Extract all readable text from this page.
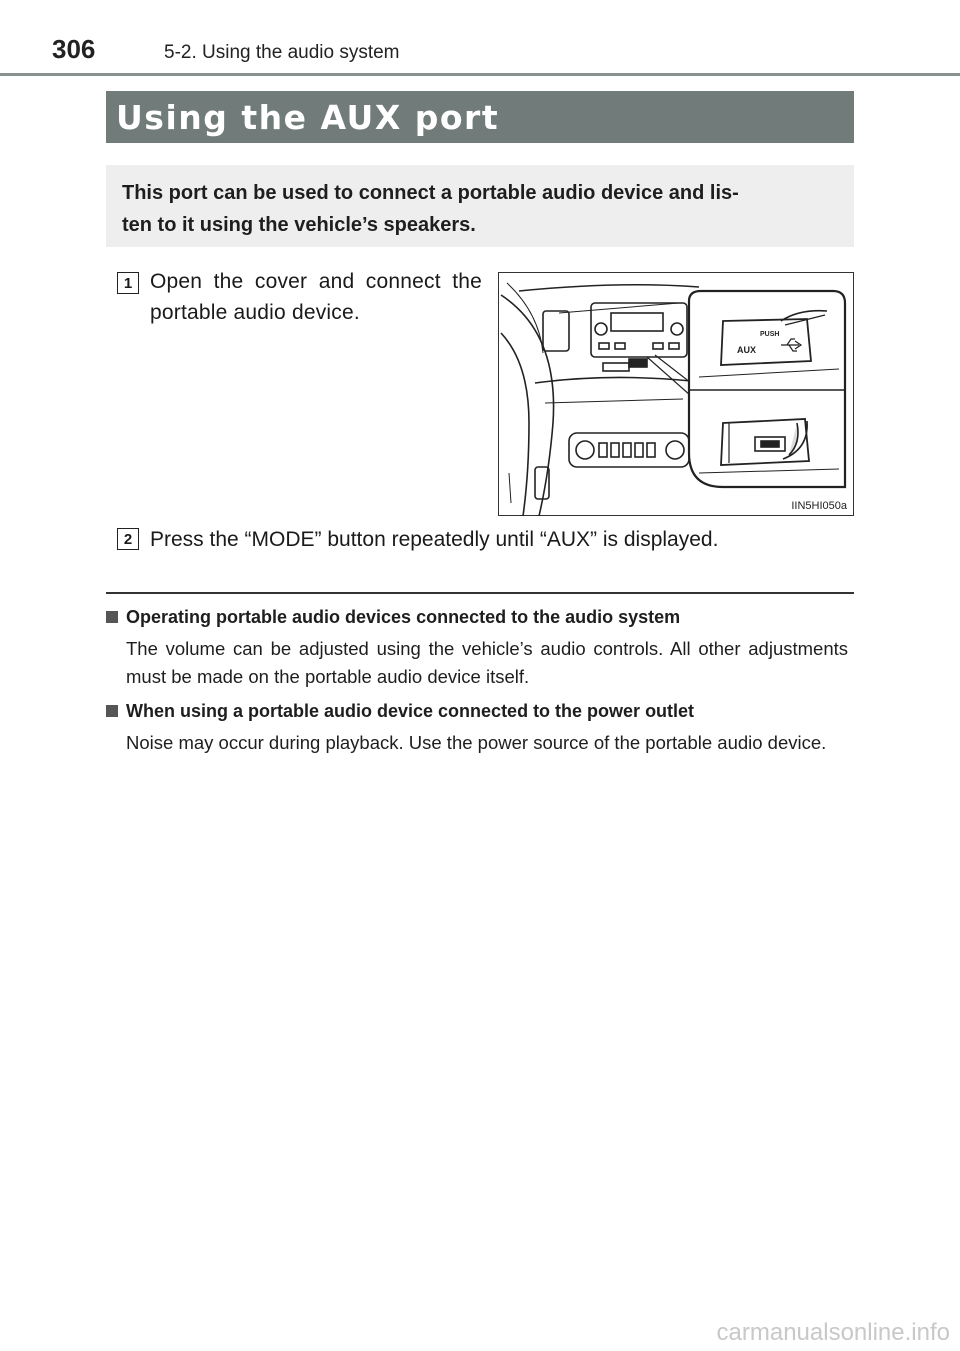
306	5-2. Using the audio system
Using the AUX port
This port can be used to connect a portable audio device and lis-
ten to it using the vehicle’s speakers.
1 Open the cover and connect the portable audio device.
PUSH
AUX
IIN5HI050a
2 Press the “MODE” button repeatedly until “AUX” is displayed.
Operating portable audio devices connected to the audio system
The volume can be adjusted using the vehicle’s audio controls. All other adjustments must be made on the portable audio device itself.
When using a portable audio device connected to the power outlet
Noise may occur during playback. Use the power source of the portable audio device.
carmanualsonline.info
